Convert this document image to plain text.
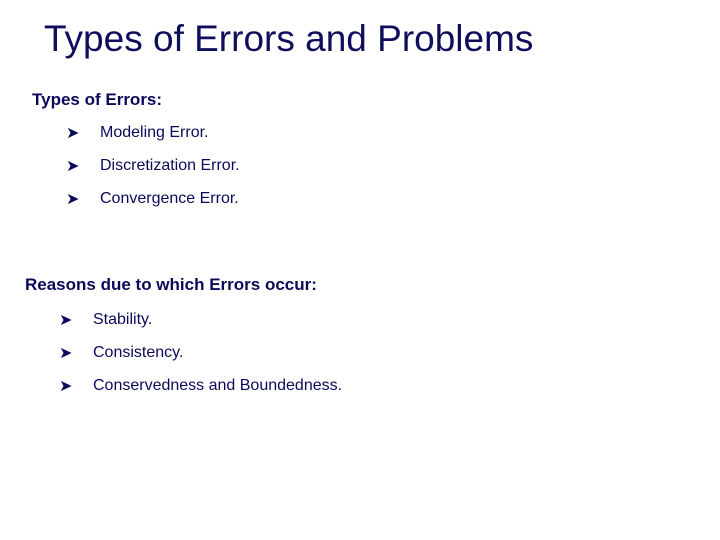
Types of Errors and Problems
Types of Errors:
➤	Modeling Error.
➤	Discretization Error.
➤	Convergence Error.
Reasons due to which Errors occur:
➤	Stability.
➤	Consistency.
➤	Conservedness and Boundedness.
